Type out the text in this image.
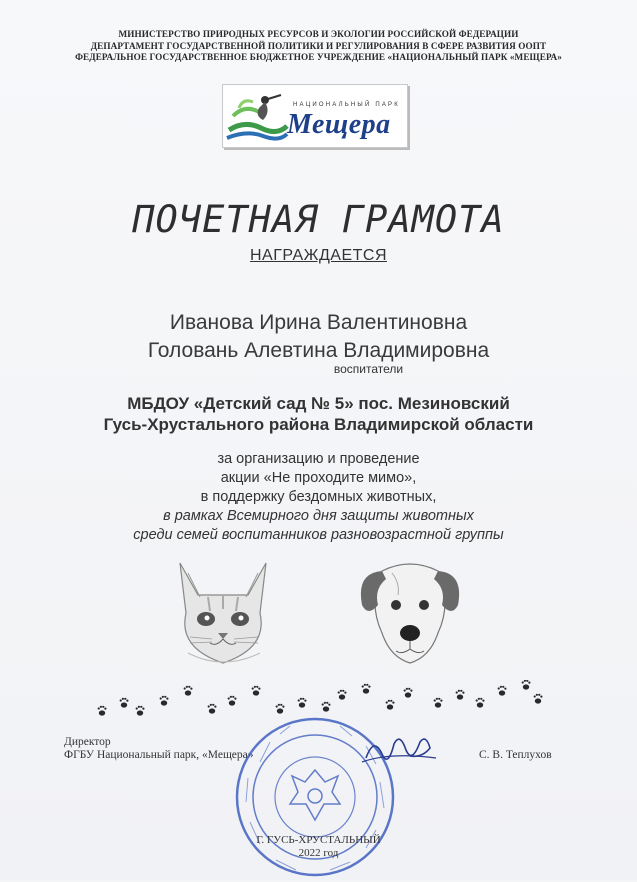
МИНИСТЕРСТВО ПРИРОДНЫХ РЕСУРСОВ И ЭКОЛОГИИ РОССИЙСКОЙ ФЕДЕРАЦИИ
ДЕПАРТАМЕНТ ГОСУДАРСТВЕННОЙ ПОЛИТИКИ И РЕГУЛИРОВАНИЯ В СФЕРЕ РАЗВИТИЯ ООПТ
ФЕДЕРАЛЬНОЕ ГОСУДАРСТВЕННОЕ БЮДЖЕТНОЕ УЧРЕЖДЕНИЕ «НАЦИОНАЛЬНЫЙ ПАРК «МЕЩЕРА»
НАЦИОНАЛЬНЫЙ ПАРК
Мещера
ПОЧЕТНАЯ ГРАМОТА
НАГРАЖДАЕТСЯ
Иванова Ирина Валентиновна
Головань Алевтина Владимировна
воспитатели
МБДОУ «Детский сад № 5» пос. Мезиновский
Гусь-Хрустального района Владимирской области
за организацию и проведение
акции «Не проходите мимо»,
в поддержку бездомных животных,
в рамках Всемирного дня защиты животных
среди семей воспитанников разновозрастной группы
Директор
ФГБУ Национальный парк, «Мещера»	С. В. Теплухов
Г. ГУСЬ-ХРУСТАЛЬНЫЙ
2022 год
